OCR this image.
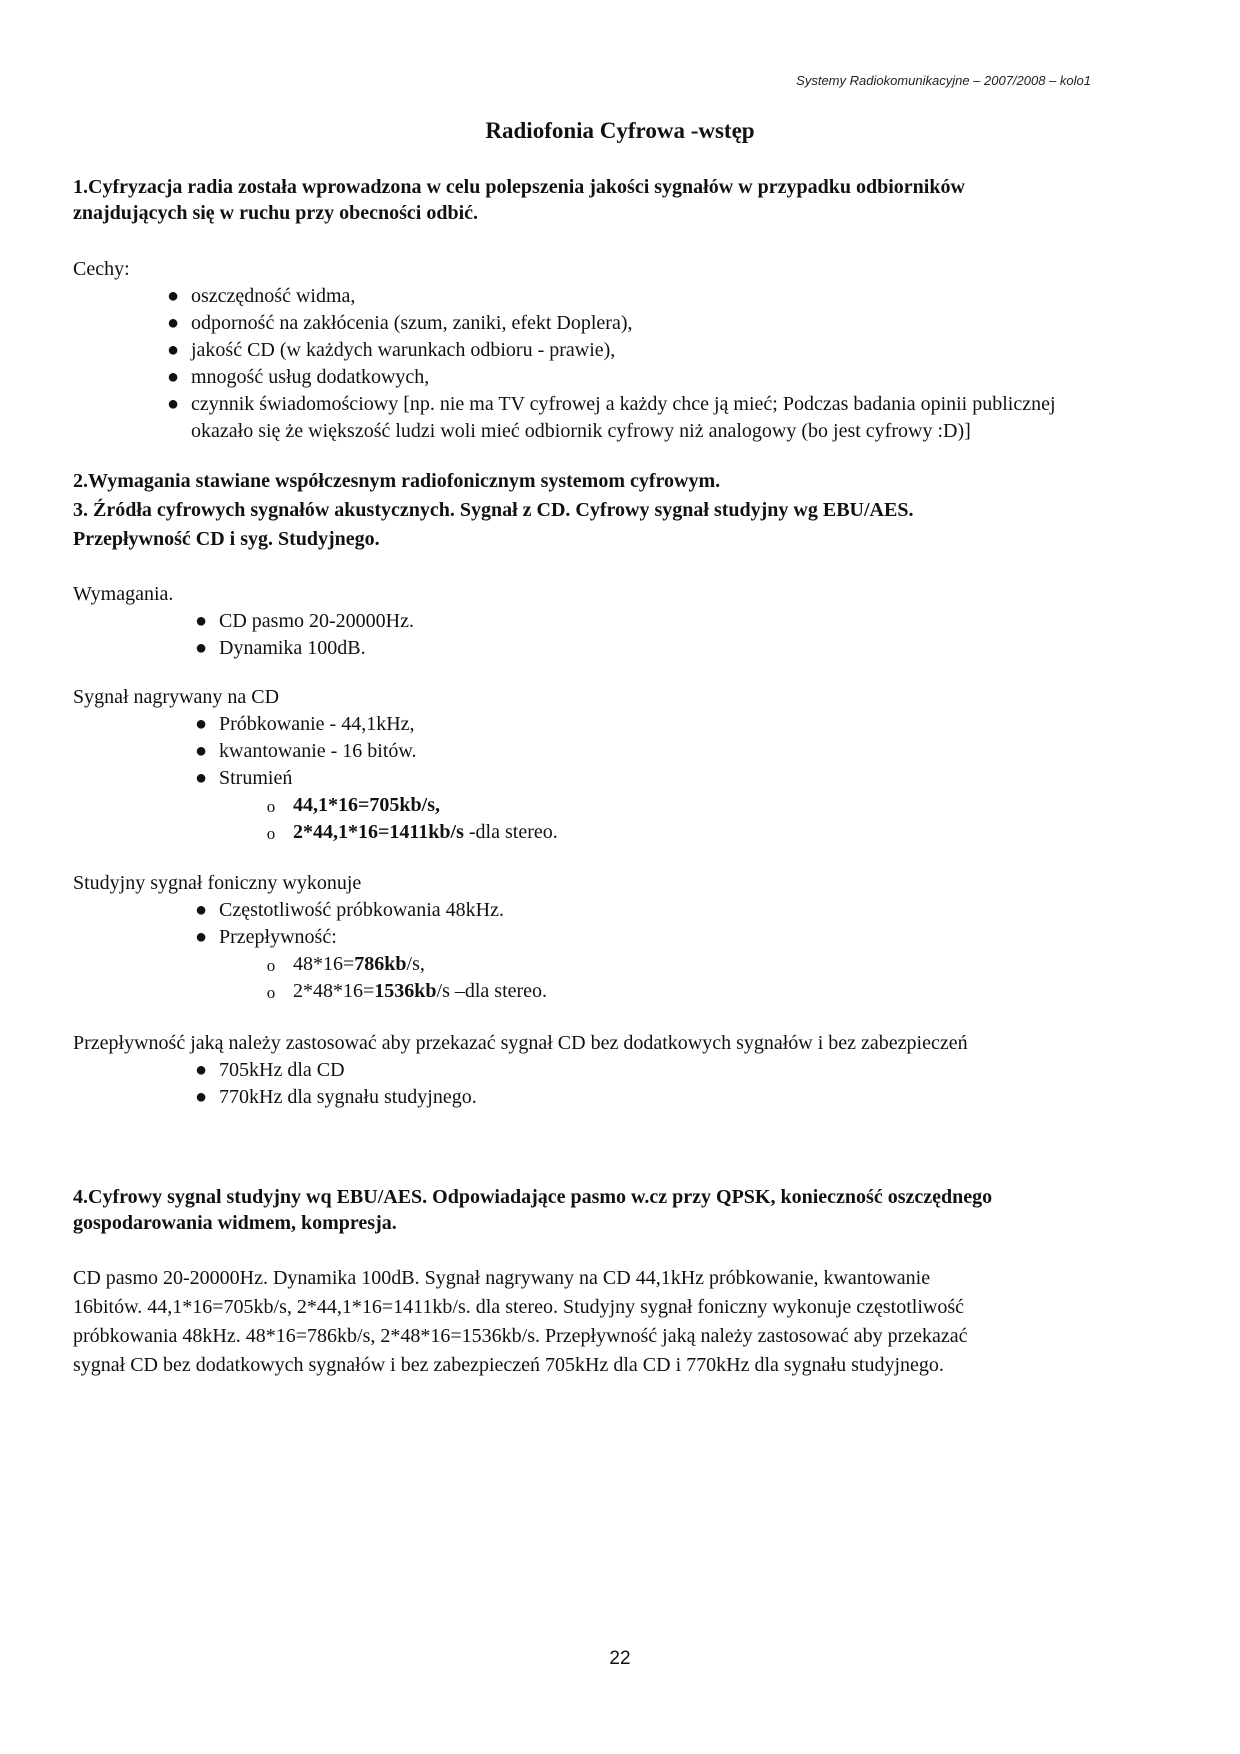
Systemy Radiokomunikacyjne – 2007/2008 – kolo1
Radiofonia Cyfrowa -wstęp

1.Cyfryzacja radia została wprowadzona w celu polepszenia jakości sygnałów w przypadku odbiorników znajdujących się w ruchu przy obecności odbić.

Cechy:

● oszczędność widma,
● odporność na zakłócenia (szum, zaniki, efekt Doplera),
● jakość CD (w każdych warunkach odbioru - prawie),
● mnogość usług dodatkowych,
● czynnik świadomościowy [np. nie ma TV cyfrowej a każdy chce ją mieć; Podczas badania opinii publicznej okazało się że większość ludzi woli mieć odbiornik cyfrowy niż analogowy (bo jest cyfrowy :D)]

2.Wymagania stawiane współczesnym radiofonicznym systemom cyfrowym.

3. Źródła cyfrowych sygnałów akustycznych. Sygnał z CD. Cyfrowy sygnał studyjny wg EBU/AES.

Przepływność CD i syg. Studyjnego.

Wymagania.

● CD pasmo 20-20000Hz.
● Dynamika 100dB.

Sygnał nagrywany na CD

● Próbkowanie - 44,1kHz,
● kwantowanie - 16 bitów.
● Strumień
o 44,1*16=705kb/s,
o 2*44,1*16=1411kb/s -dla stereo.

Studyjny sygnał foniczny wykonuje

● Częstotliwość próbkowania 48kHz.
● Przepływność:
o 48*16=786kb/s,
o 2*48*16=1536kb/s –dla stereo.

Przepływność jaką należy zastosować aby przekazać sygnał CD bez dodatkowych sygnałów i bez zabezpieczeń

● 705kHz dla CD
● 770kHz dla sygnału studyjnego.

4.Cyfrowy sygnal studyjny wq EBU/AES. Odpowiadające pasmo w.cz przy QPSK, konieczność oszczędnego gospodarowania widmem, kompresja.

CD pasmo 20-20000Hz. Dynamika 100dB. Sygnał nagrywany na CD 44,1kHz próbkowanie, kwantowanie 16bitów. 44,1*16=705kb/s, 2*44,1*16=1411kb/s. dla stereo. Studyjny sygnał foniczny wykonuje częstotliwość próbkowania 48kHz. 48*16=786kb/s, 2*48*16=1536kb/s. Przepływność jaką należy zastosować aby przekazać sygnał CD bez dodatkowych sygnałów i bez zabezpieczeń 705kHz dla CD i 770kHz dla sygnału studyjnego.

22
